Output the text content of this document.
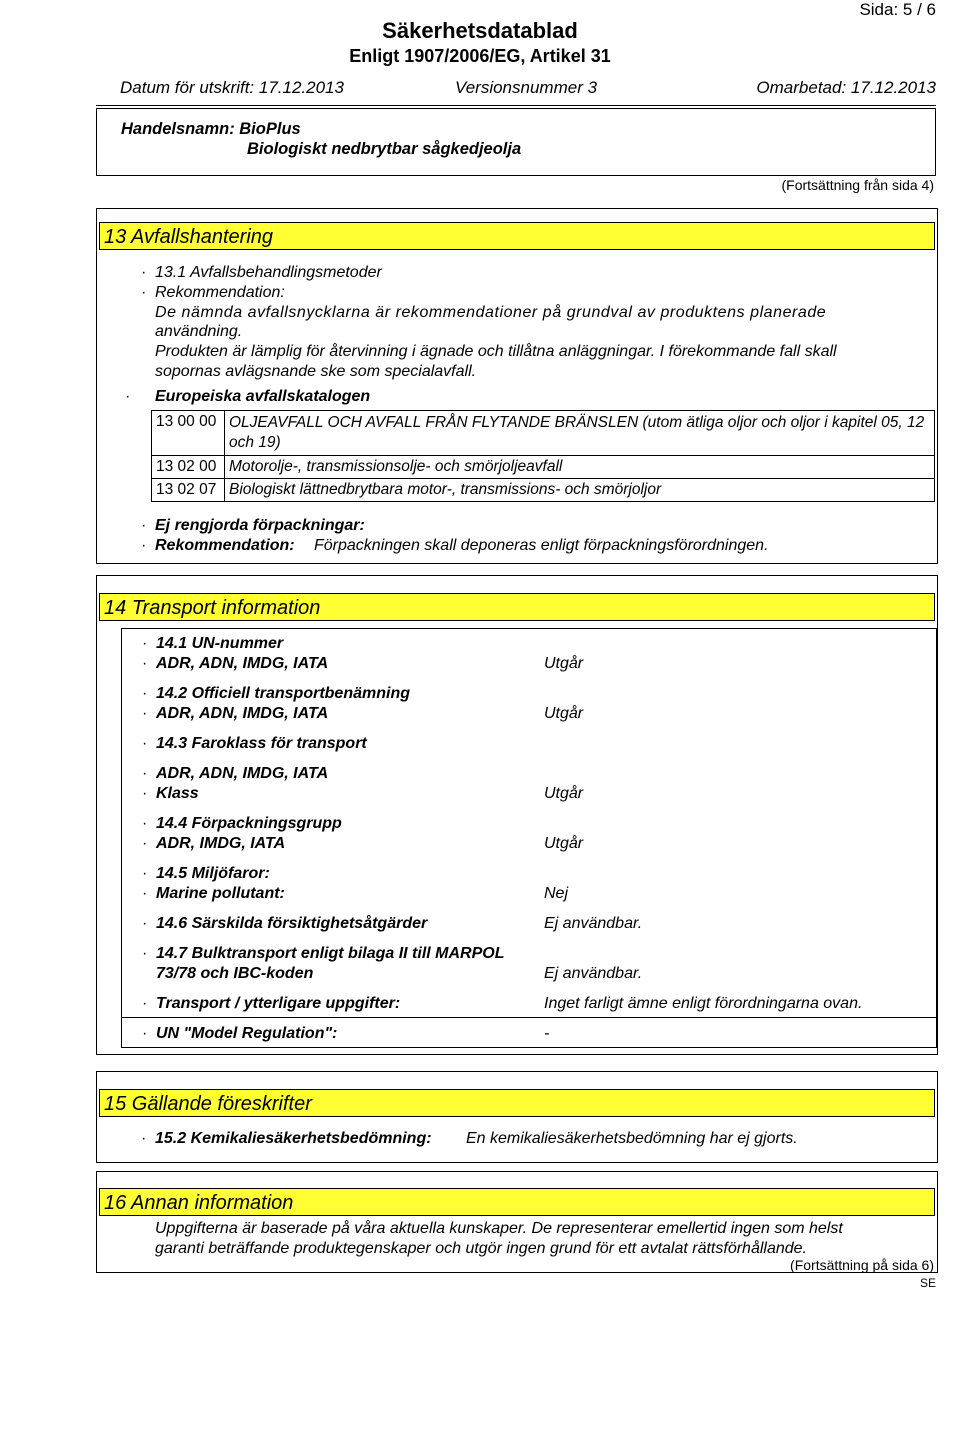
Sida: 5 / 6
Säkerhetsdatablad
Enligt 1907/2006/EG, Artikel 31
Datum för utskrift: 17.12.2013	Versionsnummer 3	Omarbetad: 17.12.2013
Handelsnamn: BioPlus
Biologiskt nedbrytbar sågkedjeolja
(Fortsättning från sida 4)
13 Avfallshantering
· 13.1 Avfallsbehandlingsmetoder
· Rekommendation:
De nämnda avfallsnycklarna är rekommendationer på grundval av produktens planerade
användning.
Produkten är lämplig för återvinning i ägnade och tillåtna anläggningar. I förekommande fall skall
sopornas avlägsnande ske som specialavfall.
· Europeiska avfallskatalogen
13 00 00	OLJEAVFALL OCH AVFALL FRÅN FLYTANDE BRÄNSLEN (utom ätliga oljor och oljor i kapitel 05, 12 och 19)
13 02 00	Motorolje-, transmissionsolje- och smörjoljeavfall
13 02 07	Biologiskt lättnedbrytbara motor-, transmissions- och smörjoljor
· Ej rengjorda förpackningar:
· Rekommendation: Förpackningen skall deponeras enligt förpackningsförordningen.
14 Transport information
· 14.1 UN-nummer
· ADR, ADN, IMDG, IATA	Utgår
· 14.2 Officiell transportbenämning
· ADR, ADN, IMDG, IATA	Utgår
· 14.3 Faroklass för transport
· ADR, ADN, IMDG, IATA
· Klass	Utgår
· 14.4 Förpackningsgrupp
· ADR, IMDG, IATA	Utgår
· 14.5 Miljöfaror:
· Marine pollutant:	Nej
· 14.6 Särskilda försiktighetsåtgärder	Ej användbar.
· 14.7 Bulktransport enligt bilaga II till MARPOL
73/78 och IBC-koden	Ej användbar.
· Transport / ytterligare uppgifter:	Inget farligt ämne enligt förordningarna ovan.
· UN "Model Regulation":	-
15 Gällande föreskrifter
· 15.2 Kemikaliesäkerhetsbedömning: En kemikaliesäkerhetsbedömning har ej gjorts.
16 Annan information
Uppgifterna är baserade på våra aktuella kunskaper. De representerar emellertid ingen som helst
garanti beträffande produktegenskaper och utgör ingen grund för ett avtalat rättsförhållande.
(Fortsättning på sida 6)
SE
